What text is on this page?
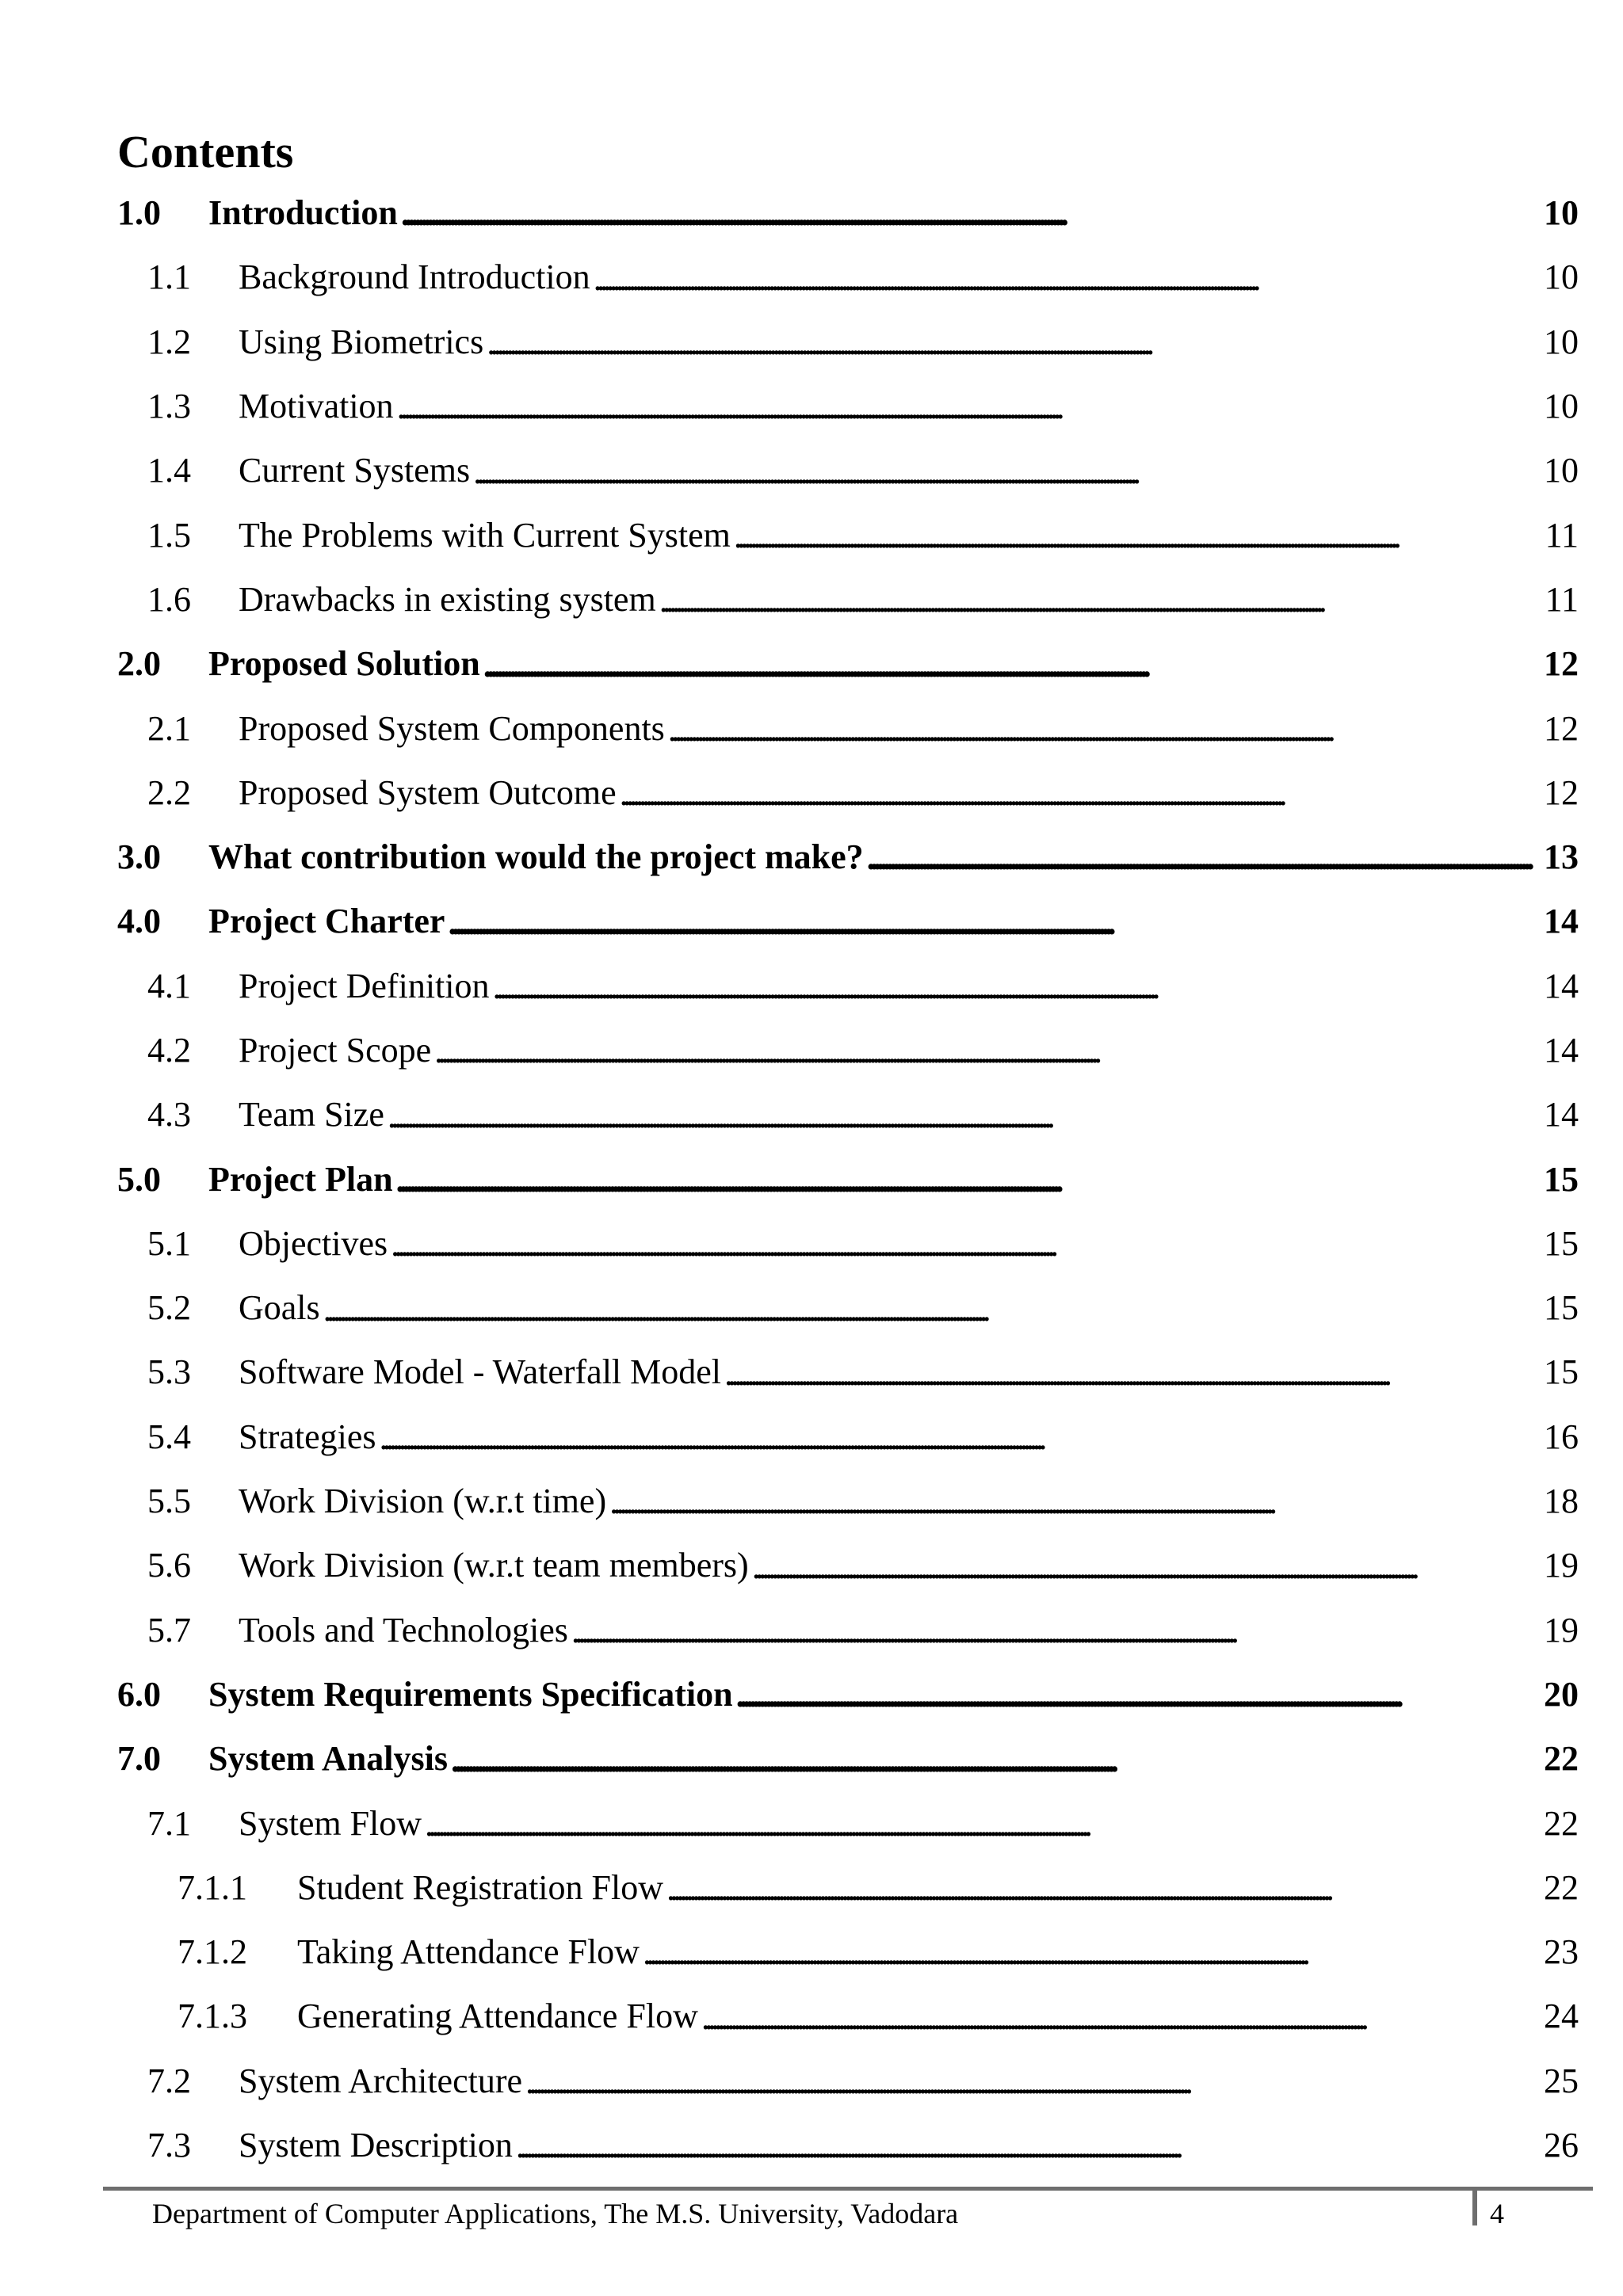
Contents
1.0	Introduction . . .	10
1.1	Background Introduction . . .	10
1.2	Using Biometrics . . .	10
1.3	Motivation . . .	10
1.4	Current Systems . . .	10
1.5	The Problems with Current System . . .	11
1.6	Drawbacks in existing system . . .	11
2.0	Proposed Solution . . .	12
2.1	Proposed System Components . . .	12
2.2	Proposed System Outcome . . .	12
3.0	What contribution would the project make? . . .	13
4.0	Project Charter . . .	14
4.1	Project Definition . . .	14
4.2	Project Scope . . .	14
4.3	Team Size . . .	14
5.0	Project Plan . . .	15
5.1	Objectives . . .	15
5.2	Goals . . .	15
5.3	Software Model - Waterfall Model . . .	15
5.4	Strategies . . .	16
5.5	Work Division (w.r.t time) . . .	18
5.6	Work Division (w.r.t team members) . . .	19
5.7	Tools and Technologies . . .	19
6.0	System Requirements Specification . . .	20
7.0	System Analysis . . .	22
7.1	System Flow . . .	22
7.1.1	Student Registration Flow . . .	22
7.1.2	Taking Attendance Flow . . .	23
7.1.3	Generating Attendance Flow . . .	24
7.2	System Architecture . . .	25
7.3	System Description . . .	26
Department of Computer Applications, The M.S. University, Vadodara	4
